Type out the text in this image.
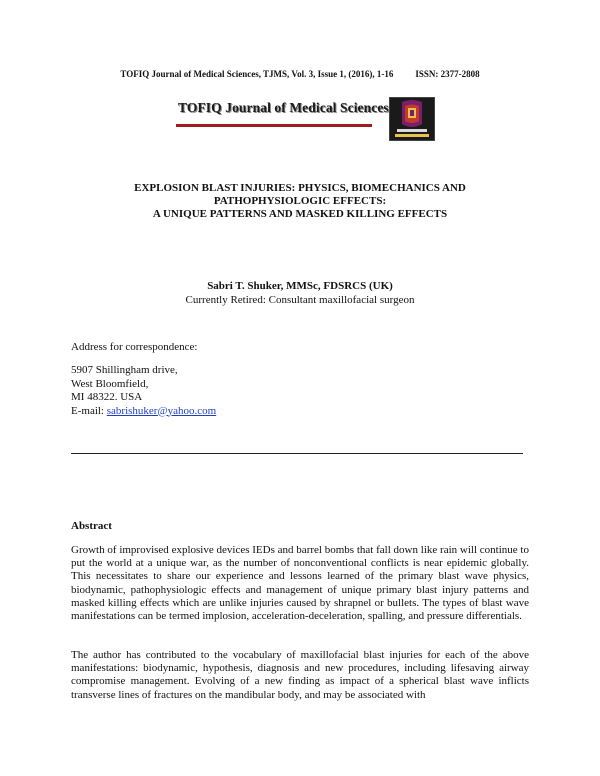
TOFIQ Journal of Medical Sciences, TJMS, Vol. 3, Issue 1, (2016), 1-16 ISSN: 2377-2808
TOFIQ Journal of Medical Sciences
EXPLOSION BLAST INJURIES: PHYSICS, BIOMECHANICS AND
PATHOPHYSIOLOGIC EFFECTS:
A UNIQUE PATTERNS AND MASKED KILLING EFFECTS
Sabri T. Shuker, MMSc, FDSRCS (UK)
Currently Retired: Consultant maxillofacial surgeon
Address for correspondence:
5907 Shillingham drive,
West Bloomfield,
MI 48322. USA
E-mail: sabrishuker@yahoo.com
Abstract
Growth of improvised explosive devices IEDs and barrel bombs that fall down like rain will continue to put the world at a unique war, as the number of nonconventional conflicts is near epidemic globally. This necessitates to share our experience and lessons learned of the primary blast wave physics, biodynamic, pathophysiologic effects and management of unique primary blast injury patterns and masked killing effects which are unlike injuries caused by shrapnel or bullets. The types of blast wave manifestations can be termed implosion, acceleration-deceleration, spalling, and pressure differentials.
The author has contributed to the vocabulary of maxillofacial blast injuries for each of the above manifestations: biodynamic, hypothesis, diagnosis and new procedures, including lifesaving airway compromise management. Evolving of a new finding as impact of a spherical blast wave inflicts transverse lines of fractures on the mandibular body, and may be associated with
